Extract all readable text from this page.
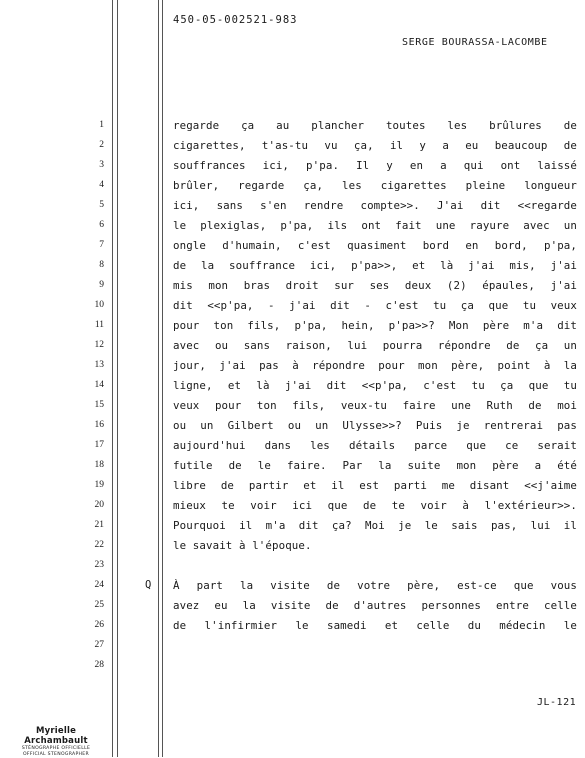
450-05-002521-983
SERGE BOURASSA-LACOMBE
1
2
3
4
5
6
7
8
9
10
11
12
13
14
15
16
17
18
19
20
21
22
23
24
25
26
27
28
regarde ça au plancher toutes les brûlures de
cigarettes, t'as-tu vu ça, il y a eu beaucoup de
souffrances ici, p'pa. Il y en a qui ont laissé
brûler, regarde ça, les cigarettes pleine longueur
ici, sans s'en rendre compte>>. J'ai dit <<regarde
le plexiglas, p'pa, ils ont fait une rayure avec un
ongle d'humain, c'est quasiment bord en bord, p'pa,
de la souffrance ici, p'pa>>, et là j'ai mis, j'ai
mis mon bras droit sur ses deux (2) épaules, j'ai
dit <<p'pa, - j'ai dit - c'est tu ça que tu veux
pour ton fils, p'pa, hein, p'pa>>? Mon père m'a dit
avec ou sans raison, lui pourra répondre de ça un
jour, j'ai pas à répondre pour mon père, point à la
ligne, et là j'ai dit <<p'pa, c'est tu ça que tu
veux pour ton fils, veux-tu faire une Ruth de moi
ou un Gilbert ou un Ulysse>>? Puis je rentrerai pas
aujourd'hui dans les détails parce que ce serait
futile de le faire. Par la suite mon père a été
libre de partir et il est parti me disant <<j'aime
mieux te voir ici que de te voir à l'extérieur>>.
Pourquoi il m'a dit ça? Moi je le sais pas, lui il
le savait à l'époque.
Q À part la visite de votre père, est-ce que vous
avez eu la visite de d'autres personnes entre celle
de l'infirmier le samedi et celle du médecin le
JL-121
Myrielle Archambault
STÉNOGRAPHE OFFICIELLE
OFFICIAL STENOGRAPHER
